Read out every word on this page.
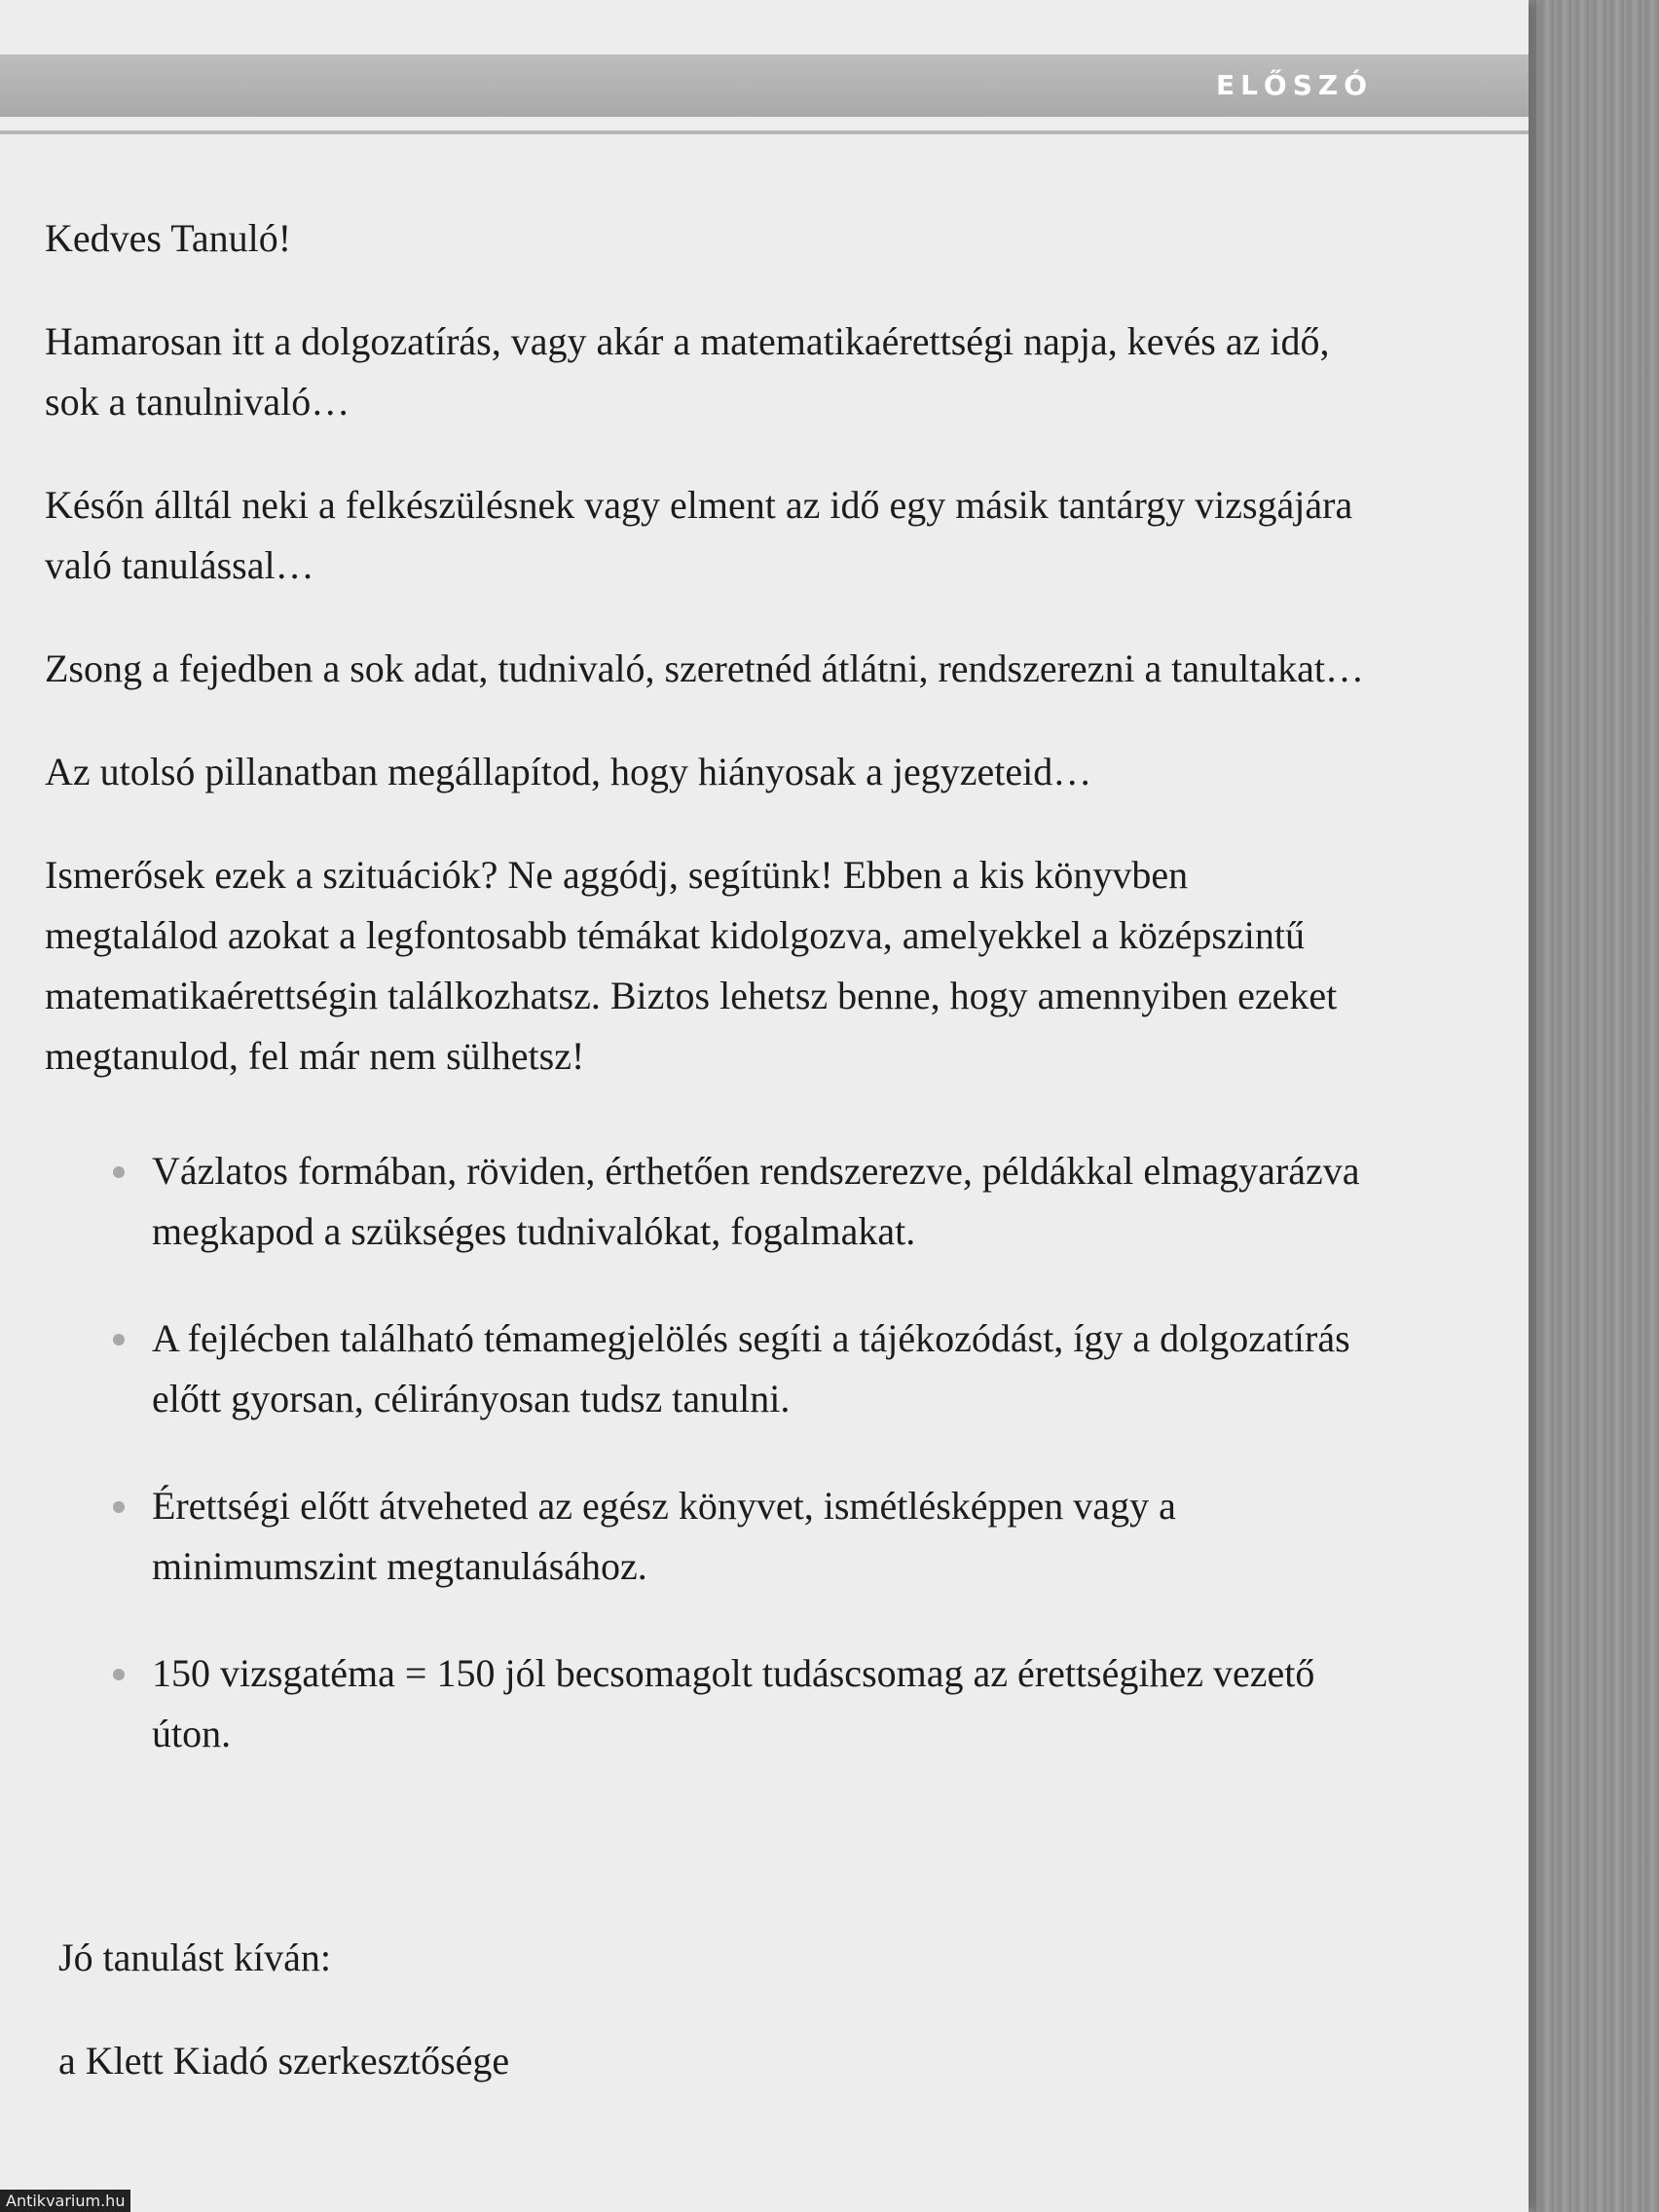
ELŐSZÓ

Kedves Tanuló!

Hamarosan itt a dolgozatírás, vagy akár a matematikaérettségi napja, kevés az idő, sok a tanulnivaló…

Későn álltál neki a felkészülésnek vagy elment az idő egy másik tantárgy vizsgájára való tanulással…

Zsong a fejedben a sok adat, tudnivaló, szeretnéd átlátni, rendszerezni a tanultakat…

Az utolsó pillanatban megállapítod, hogy hiányosak a jegyzeteid…

Ismerősek ezek a szituációk? Ne aggódj, segítünk! Ebben a kis könyvben megtalálod azokat a legfontosabb témákat kidolgozva, amelyekkel a középszintű matematikaérettségin találkozhatsz. Biztos lehetsz benne, hogy amennyiben ezeket megtanulod, fel már nem sülhetsz!

Vázlatos formában, röviden, érthetően rendszerezve, példákkal elmagyarázva megkapod a szükséges tudnivalókat, fogalmakat.
A fejlécben található témamegjelölés segíti a tájékozódást, így a dolgozatírás előtt gyorsan, célirányosan tudsz tanulni.
Érettségi előtt átveheted az egész könyvet, ismétlésképpen vagy a minimumszint megtanulásához.
150 vizsgatéma = 150 jól becsomagolt tudáscsomag az érettségihez vezető úton.
Jó tanulást kíván:
a Klett Kiadó szerkesztősége
Antikvarium.hu
